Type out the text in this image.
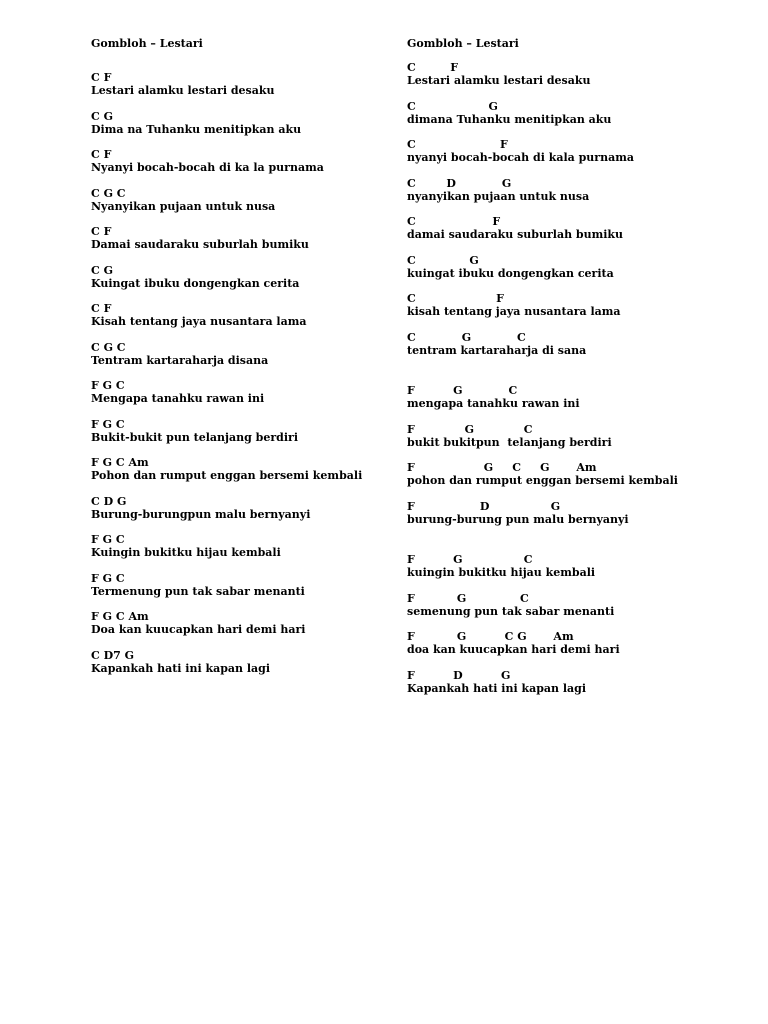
Gombloh – Lestari
C F
Lestari alamku lestari desaku
C G
Dima na Tuhanku menitipkan aku
C F
Nyanyi bocah-bocah di ka la purnama
C G C
Nyanyikan pujaan untuk nusa
C F
Damai saudaraku suburlah bumiku
C G
Kuingat ibuku dongengkan cerita
C F
Kisah tentang jaya nusantara lama
C G C
Tentram kartaraharja disana
F G C
Mengapa tanahku rawan ini
F G C
Bukit-bukit pun telanjang berdiri
F G C Am
Pohon dan rumput enggan bersemi kembali
C D G
Burung-burungpun malu bernyanyi
F G C
Kuingin bukitku hijau kembali
F G C
Termenung pun tak sabar menanti
F G C Am
Doa kan kuucapkan hari demi hari
C D7 G
Kapankah hati ini kapan lagi
Gombloh – Lestari
C         F
Lestari alamku lestari desaku
C                   G
dimana Tuhanku menitipkan aku
C                      F
nyanyi bocah-bocah di kala purnama
C        D            G
nyanyikan pujaan untuk nusa
C                    F
damai saudaraku suburlah bumiku
C              G
kuingat ibuku dongengkan cerita
C                     F
kisah tentang jaya nusantara lama
C            G            C
tentram kartaraharja di sana
F          G            C
mengapa tanahku rawan ini
F             G             C
bukit bukitpun  telanjang berdiri
F                  G     C     G       Am
pohon dan rumput enggan bersemi kembali
F                 D                G
burung-burung pun malu bernyanyi
F          G                C
kuingin bukitku hijau kembali
F           G              C
semenung pun tak sabar menanti
F           G          C G       Am
doa kan kuucapkan hari demi hari
F          D          G
Kapankah hati ini kapan lagi
